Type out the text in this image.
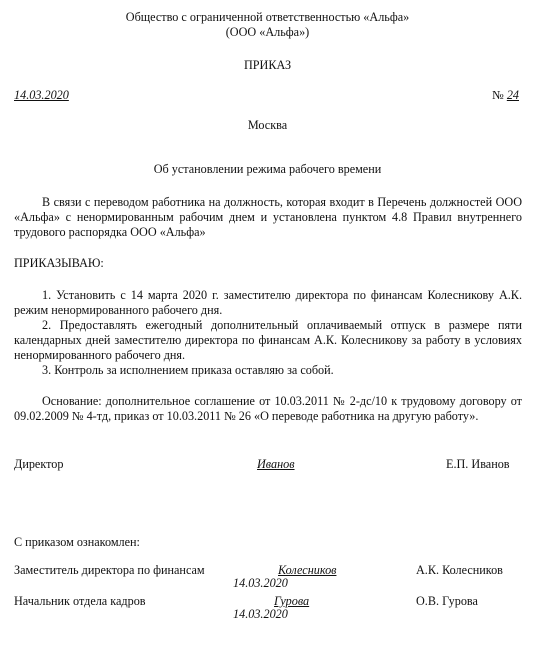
Общество с ограниченной ответственностью «Альфа»
(ООО «Альфа»)
ПРИКАЗ
14.03.2020	№ 24
Москва
Об установлении режима рабочего времени

В связи с переводом работника на должность, которая входит в Перечень должностей ООО «Альфа» с ненормированным рабочим днем и установлена пунктом 4.8 Правил внутреннего трудового распорядка ООО «Альфа»

ПРИКАЗЫВАЮ:

1. Установить с 14 марта 2020 г. заместителю директора по финансам Колесникову А.К. режим ненормированного рабочего дня.

2. Предоставлять ежегодный дополнительный оплачиваемый отпуск в размере пяти календарных дней заместителю директора по финансам А.К. Колесникову за работу в условиях ненормированного рабочего дня.

3. Контроль за исполнением приказа оставляю за собой.

Основание: дополнительное соглашение от 10.03.2011 № 2-дс/10 к трудовому договору от 09.02.2009 № 4-тд, приказ от 10.03.2011 № 26 «О переводе работника на другую работу».

Директор	Иванов	Е.П. Иванов
С приказом ознакомлен:
Заместитель директора по финансам	Колесников	А.К. Колесников
14.03.2020
Начальник отдела кадров	Гурова	О.В. Гурова
14.03.2020
